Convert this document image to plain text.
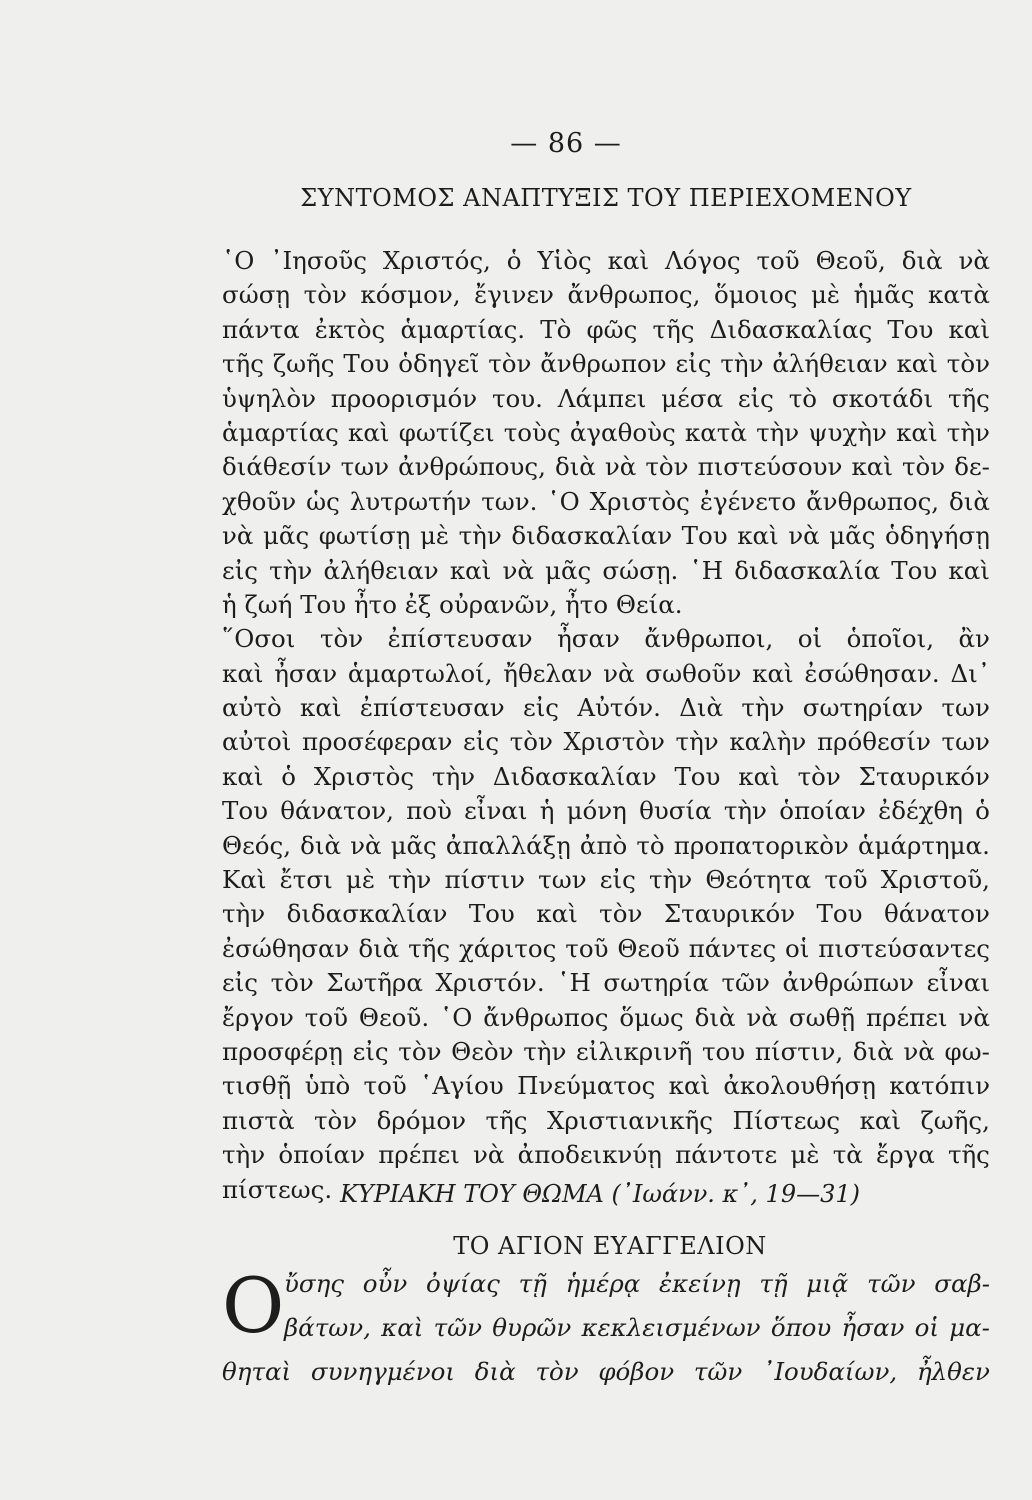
— 86 —
ΣΥΝΤΟΜΟΣ ΑΝΑΠΤΥΞΙΣ ΤΟΥ ΠΕΡΙΕΧΟΜΕΝΟΥ
῾Ο ᾿Ιησοῦς Χριστός, ὁ Υἱὸς καὶ Λόγος τοῦ Θεοῦ, διὰ νὰ
σώσῃ τὸν κόσμον, ἔγινεν ἄνθρωπος, ὅμοιος μὲ ἡμᾶς κατὰ
πάντα ἐκτὸς ἁμαρτίας. Τὸ φῶς τῆς Διδασκαλίας Του καὶ
τῆς ζωῆς Του ὁδηγεῖ τὸν ἄνθρωπον εἰς τὴν ἀλήθειαν καὶ τὸν
ὑψηλὸν προορισμόν του. Λάμπει μέσα εἰς τὸ σκοτάδι τῆς
ἁμαρτίας καὶ φωτίζει τοὺς ἀγαθοὺς κατὰ τὴν ψυχὴν καὶ τὴν
διάθεσίν των ἀνθρώπους, διὰ νὰ τὸν πιστεύσουν καὶ τὸν δε-
χθοῦν ὡς λυτρωτήν των. ῾Ο Χριστὸς ἐγένετο ἄνθρωπος, διὰ
νὰ μᾶς φωτίσῃ μὲ τὴν διδασκαλίαν Του καὶ νὰ μᾶς ὁδηγήσῃ
εἰς τὴν ἀλήθειαν καὶ νὰ μᾶς σώσῃ. ῾Η διδασκαλία Του καὶ
ἡ ζωή Του ἦτο ἐξ οὐρανῶν, ἦτο Θεία.
῞Οσοι τὸν ἐπίστευσαν ἦσαν ἄνθρωποι, οἱ ὁποῖοι, ἂν
καὶ ἦσαν ἁμαρτωλοί, ἤθελαν νὰ σωθοῦν καὶ ἐσώθησαν. Δι᾽
αὐτὸ καὶ ἐπίστευσαν εἰς Αὐτόν. Διὰ τὴν σωτηρίαν των
αὐτοὶ προσέφεραν εἰς τὸν Χριστὸν τὴν καλὴν πρόθεσίν των
καὶ ὁ Χριστὸς τὴν Διδασκαλίαν Του καὶ τὸν Σταυρικόν
Του θάνατον, ποὺ εἶναι ἡ μόνη θυσία τὴν ὁποίαν ἐδέχθη ὁ
Θεός, διὰ νὰ μᾶς ἀπαλλάξῃ ἀπὸ τὸ προπατορικὸν ἁμάρτημα.
Καὶ ἔτσι μὲ τὴν πίστιν των εἰς τὴν Θεότητα τοῦ Χριστοῦ,
τὴν διδασκαλίαν Του καὶ τὸν Σταυρικόν Του θάνατον
ἐσώθησαν διὰ τῆς χάριτος τοῦ Θεοῦ πάντες οἱ πιστεύσαντες
εἰς τὸν Σωτῆρα Χριστόν. ῾Η σωτηρία τῶν ἀνθρώπων εἶναι
ἔργον τοῦ Θεοῦ. ῾Ο ἄνθρωπος ὅμως διὰ νὰ σωθῇ πρέπει νὰ
προσφέρῃ εἰς τὸν Θεὸν τὴν εἰλικρινῆ του πίστιν, διὰ νὰ φω-
τισθῇ ὑπὸ τοῦ ῾Αγίου Πνεύματος καὶ ἀκολουθήσῃ κατόπιν
πιστὰ τὸν δρόμον τῆς Χριστιανικῆς Πίστεως καὶ ζωῆς,
τὴν ὁποίαν πρέπει νὰ ἀποδεικνύῃ πάντοτε μὲ τὰ ἔργα τῆς
πίστεως. ΚΥΡΙΑΚΗ ΤΟΥ ΘΩΜΑ (᾿Ιωάνν. κ᾽, 19—31)
ΤΟ ΑΓΙΟΝ ΕΥΑΓΓΕΛΙΟΝ
Ο ὔσης οὖν ὀψίας τῇ ἡμέρᾳ ἐκείνῃ τῇ μιᾷ τῶν σαβ-
βάτων, καὶ τῶν θυρῶν κεκλεισμένων ὅπου ἦσαν οἱ μα-
θηταὶ συνηγμένοι διὰ τὸν φόβον τῶν ᾿Ιουδαίων, ἦλθεν
